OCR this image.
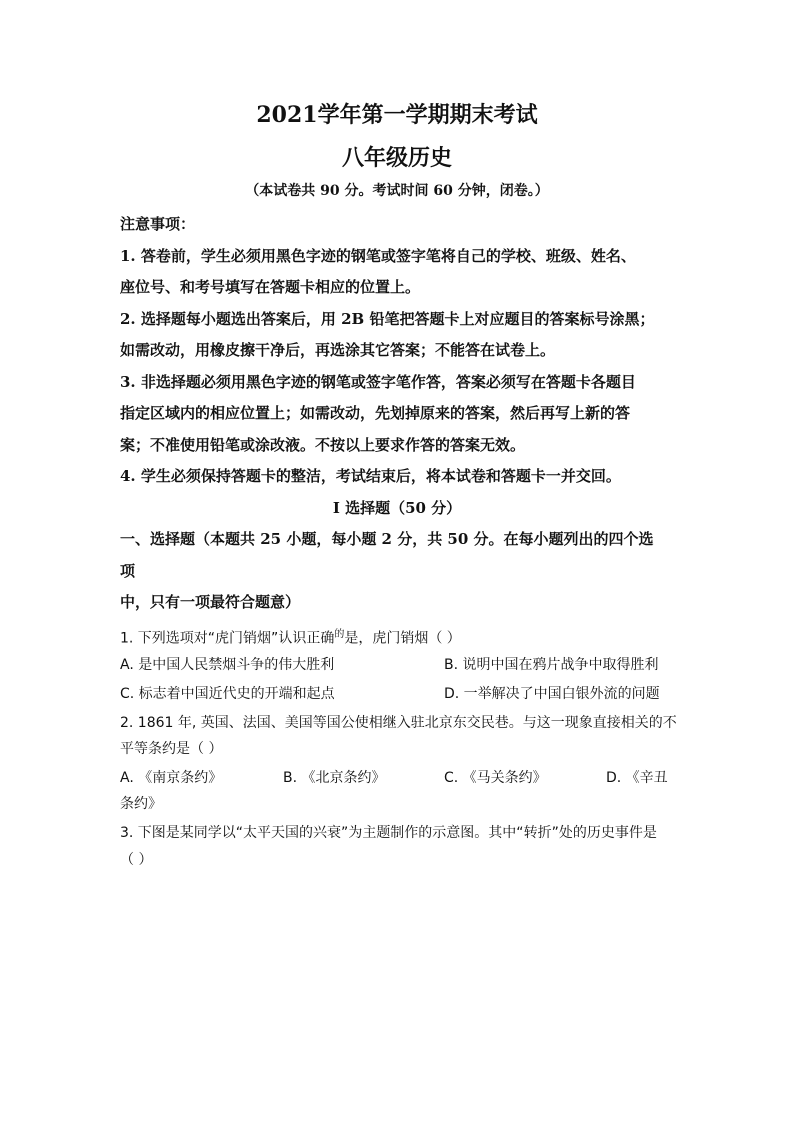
2021学年第一学期期末考试
八年级历史
（本试卷共 90 分。考试时间 60 分钟，闭卷。）
注意事项：
1. 答卷前，学生必须用黑色字迹的钢笔或签字笔将自己的学校、班级、姓名、
座位号、和考号填写在答题卡相应的位置上。
2. 选择题每小题选出答案后，用 2B 铅笔把答题卡上对应题目的答案标号涂黑；
如需改动，用橡皮擦干净后，再选涂其它答案；不能答在试卷上。
3. 非选择题必须用黑色字迹的钢笔或签字笔作答，答案必须写在答题卡各题目
指定区域内的相应位置上；如需改动，先划掉原来的答案，然后再写上新的答
案；不准使用铅笔或涂改液。不按以上要求作答的答案无效。
4. 学生必须保持答题卡的整洁，考试结束后，将本试卷和答题卡一并交回。
I 选择题（50 分）
一、选择题（本题共 25 小题，每小题 2 分，共 50 分。在每小题列出的四个选
项
中，只有一项最符合题意）
1. 下列选项对“虎门销烟”认识正确$^的$是，虎门销烟（ ）
A. 是中国人民禁烟斗争的伟大胜利	B. 说明中国在鸦片战争中取得胜利
C. 标志着中国近代史的开端和起点	D. 一举解决了中国白银外流的问题
2. 1861 年, 英国、法国、美国等国公使相继入驻北京东交民巷。与这一现象直接相关的不
平等条约是（ ）
A. 《南京条约》	B. 《北京条约》	C. 《马关条约》	D. 《辛丑
条约》
3. 下图是某同学以“太平天国的兴衰”为主题制作的示意图。其中“转折”处的历史事件是
（ ）
